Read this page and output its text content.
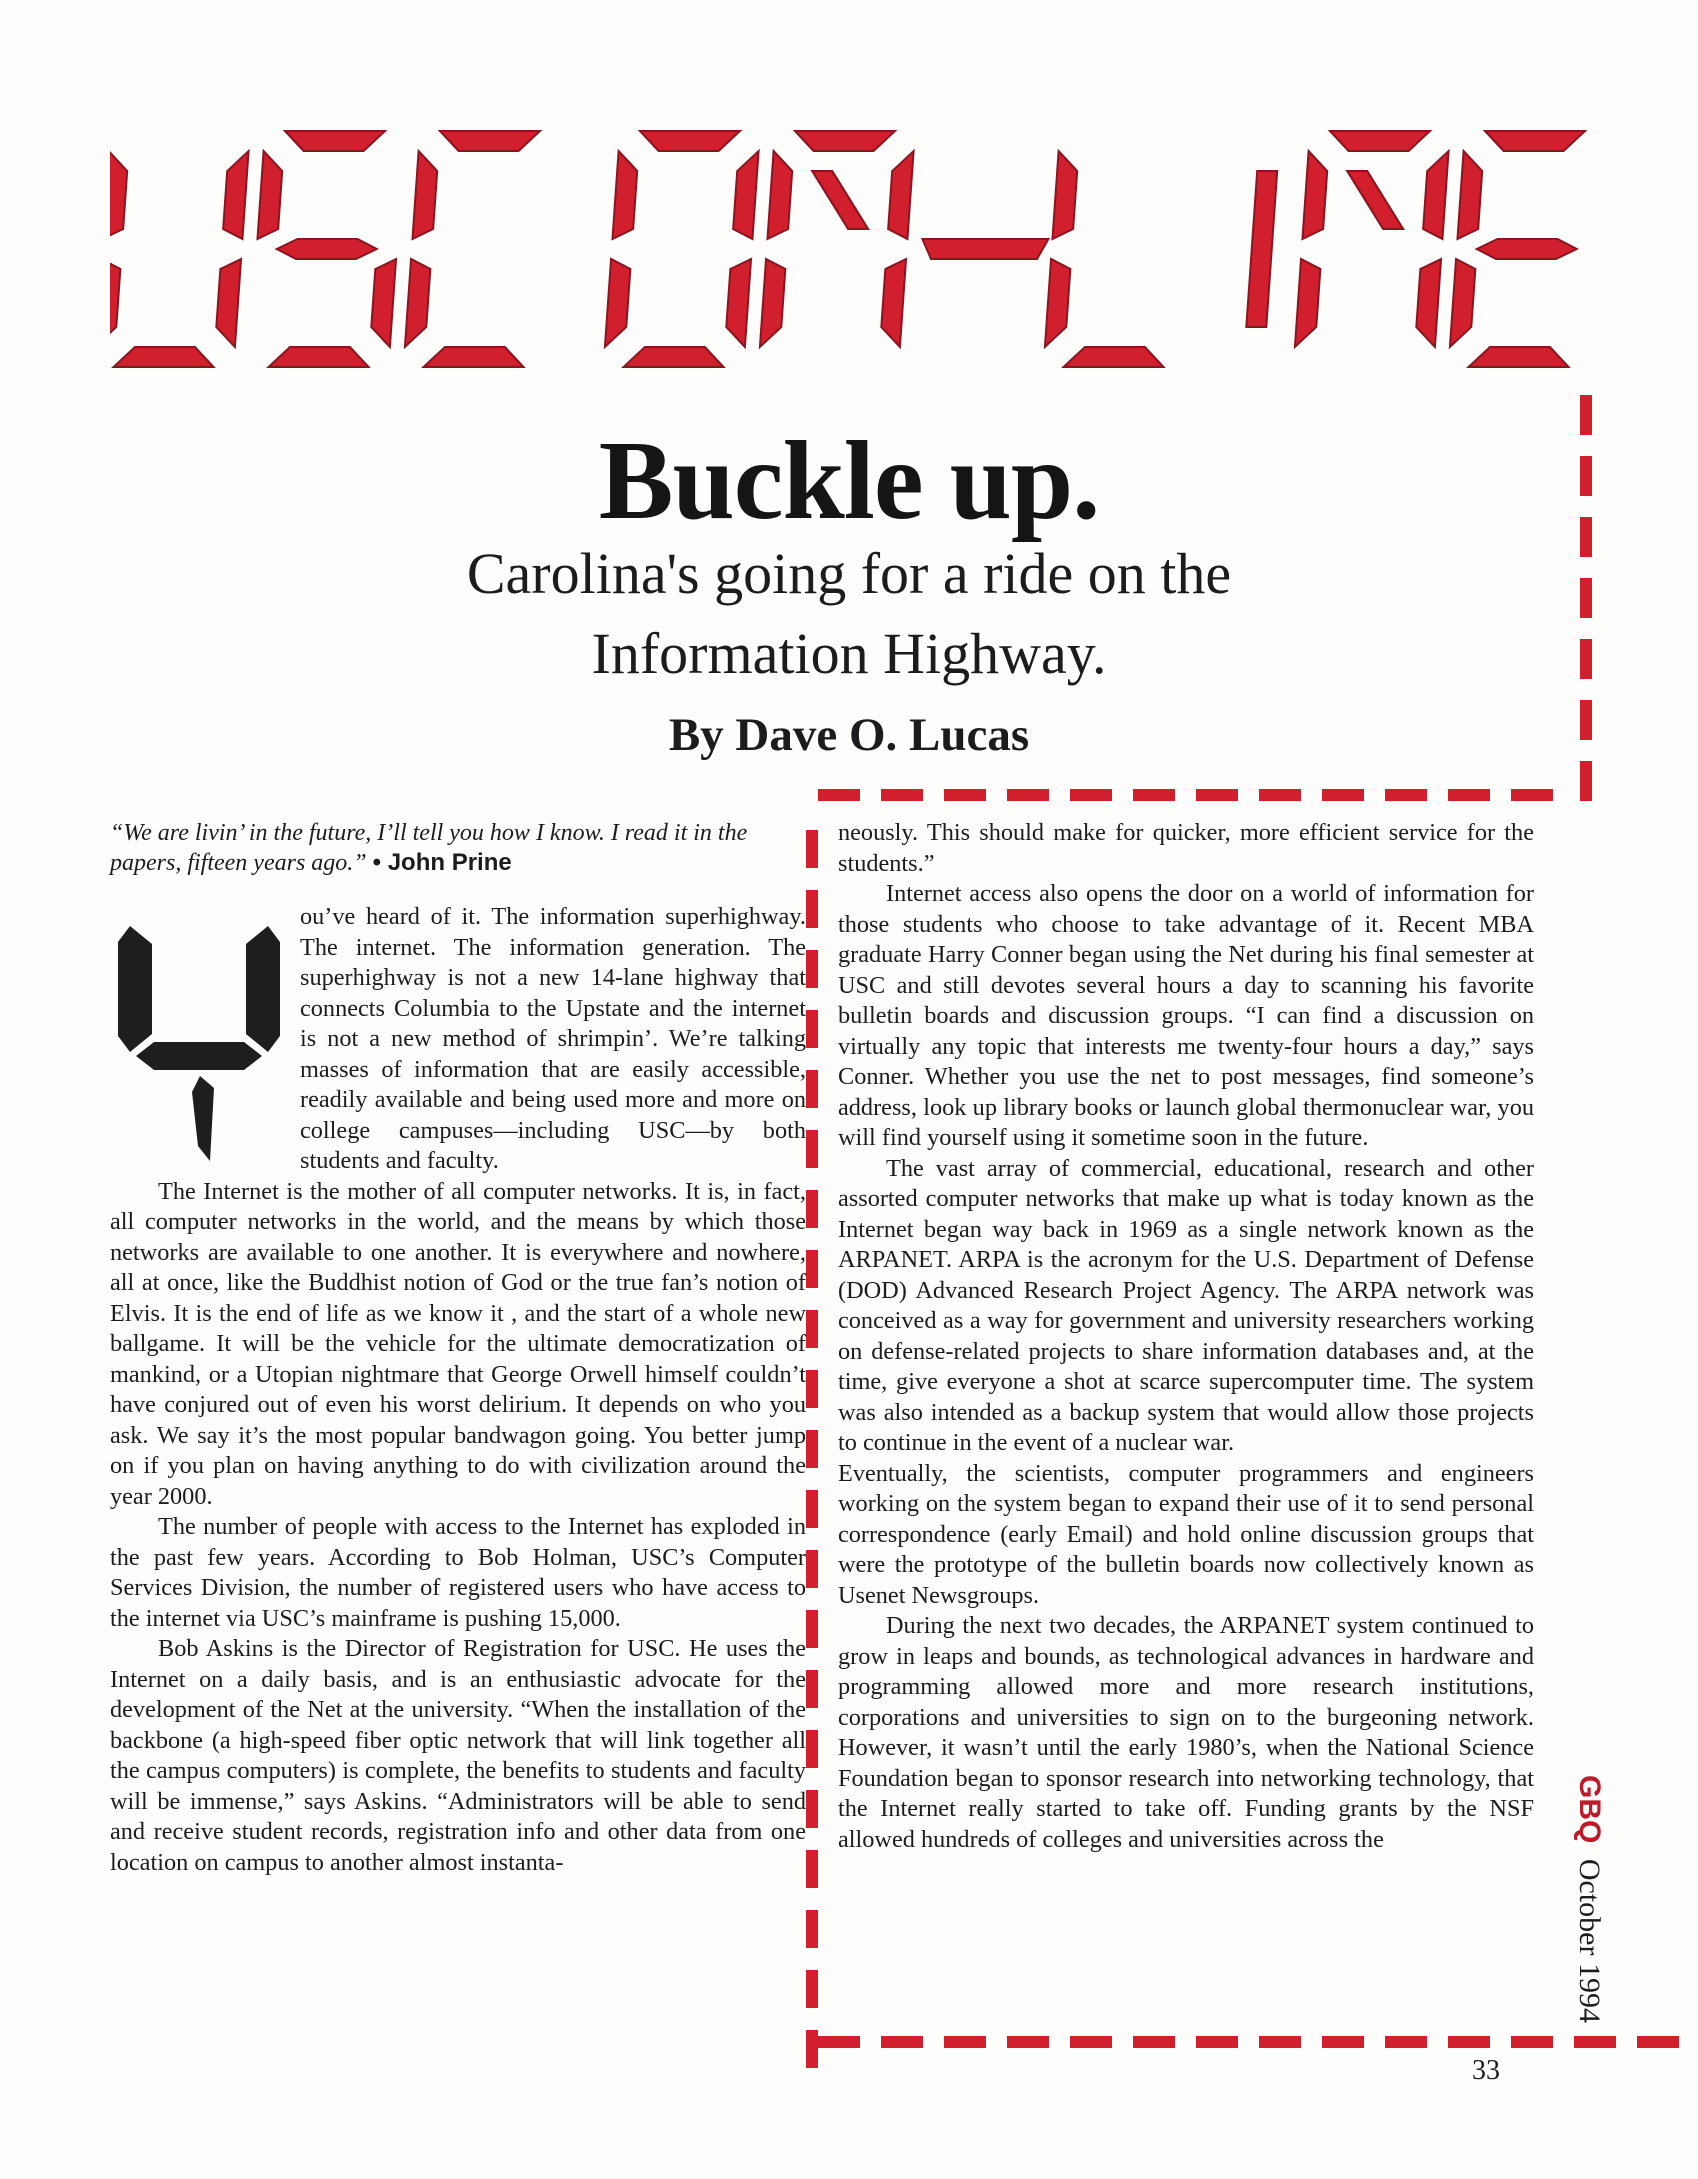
Buckle up.
Carolina's going for a ride on the
Information Highway.
By Dave O. Lucas

“We are livin’ in the future, I’ll tell you how I know. I read it in the papers, fifteen years ago.” • John Prine

ou’ve heard of it. The information superhighway. The internet. The information generation. The superhighway is not a new 14-lane highway that connects Columbia to the Upstate and the internet is not a new method of shrimpin’. We’re talking masses of information that are easily accessible, readily available and being used more and more on college campuses—including USC—by both students and faculty.

The Internet is the mother of all computer networks. It is, in fact, all computer networks in the world, and the means by which those networks are available to one another. It is everywhere and nowhere, all at once, like the Buddhist notion of God or the true fan’s notion of Elvis. It is the end of life as we know it , and the start of a whole new ballgame. It will be the vehicle for the ultimate democratization of mankind, or a Utopian nightmare that George Orwell himself couldn’t have conjured out of even his worst delirium. It depends on who you ask. We say it’s the most popular bandwagon going. You better jump on if you plan on having anything to do with civilization around the year 2000.

The number of people with access to the Internet has exploded in the past few years. According to Bob Holman, USC’s Computer Services Division, the number of registered users who have access to the internet via USC’s mainframe is pushing 15,000.

Bob Askins is the Director of Registration for USC. He uses the Internet on a daily basis, and is an enthusiastic advocate for the development of the Net at the university. “When the installation of the backbone (a high-speed fiber optic network that will link together all the campus computers) is complete, the benefits to students and faculty will be immense,” says Askins. “Administrators will be able to send and receive student records, registration info and other data from one location on campus to another almost instanta-

neously. This should make for quicker, more efficient service for the students.”

Internet access also opens the door on a world of information for those students who choose to take advantage of it. Recent MBA graduate Harry Conner began using the Net during his final semester at USC and still devotes several hours a day to scanning his favorite bulletin boards and discussion groups. “I can find a discussion on virtually any topic that interests me twenty-four hours a day,” says Conner. Whether you use the net to post messages, find someone’s address, look up library books or launch global thermonuclear war, you will find yourself using it sometime soon in the future.

The vast array of commercial, educational, research and other assorted computer networks that make up what is today known as the Internet began way back in 1969 as a single network known as the ARPANET. ARPA is the acronym for the U.S. Department of Defense (DOD) Advanced Research Project Agency. The ARPA network was conceived as a way for government and university researchers working on defense-related projects to share information databases and, at the time, give everyone a shot at scarce supercomputer time. The system was also intended as a backup system that would allow those projects to continue in the event of a nuclear war.

Eventually, the scientists, computer programmers and engineers working on the system began to expand their use of it to send personal correspondence (early Email) and hold online discussion groups that were the prototype of the bulletin boards now collectively known as Usenet Newsgroups.

During the next two decades, the ARPANET system continued to grow in leaps and bounds, as technological advances in hardware and programming allowed more and more research institutions, corporations and universities to sign on to the burgeoning network. However, it wasn’t until the early 1980’s, when the National Science Foundation began to sponsor research into networking technology, that the Internet really started to take off. Funding grants by the NSF allowed hundreds of colleges and universities across the	GBQ October 1994
33
